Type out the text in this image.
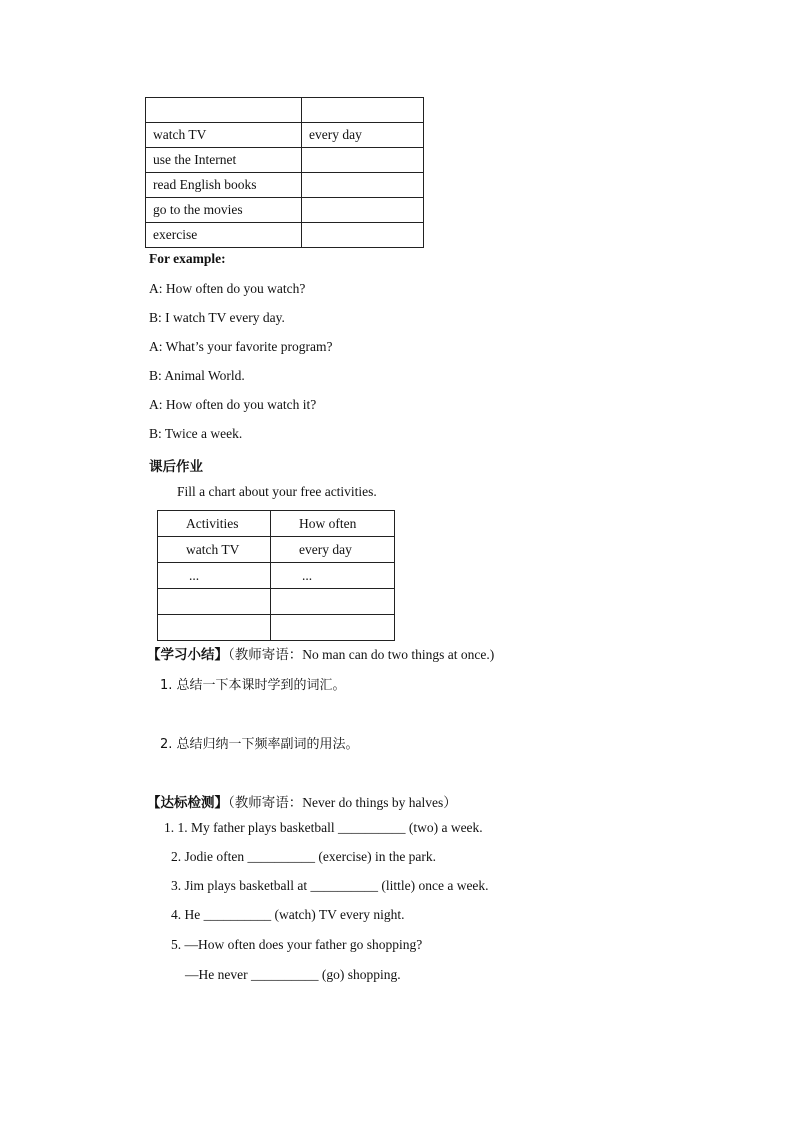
watch TV	every day
use the Internet	
read English books	
go to the movies	
exercise	
For example:
A: How often do you watch?
B: I watch TV every day.
A: What’s your favorite program?
B: Animal World.
A: How often do you watch it?
B: Twice a week.
课后作业
Fill a chart about your free activities.
Activities	How often
watch TV	every day
...	...

【学习小结】（教师寄语：No man can do two things at once.)
1. 总结一下本课时学到的词汇。
2. 总结归纳一下频率副词的用法。
【达标检测】（教师寄语：Never do things by halves）
1. 1. My father plays basketball __________ (two) a week.
2. Jodie often __________ (exercise) in the park.
3. Jim plays basketball at __________ (little) once a week.
4. He __________ (watch) TV every night.
5. —How often does your father go shopping?
—He never __________ (go) shopping.
